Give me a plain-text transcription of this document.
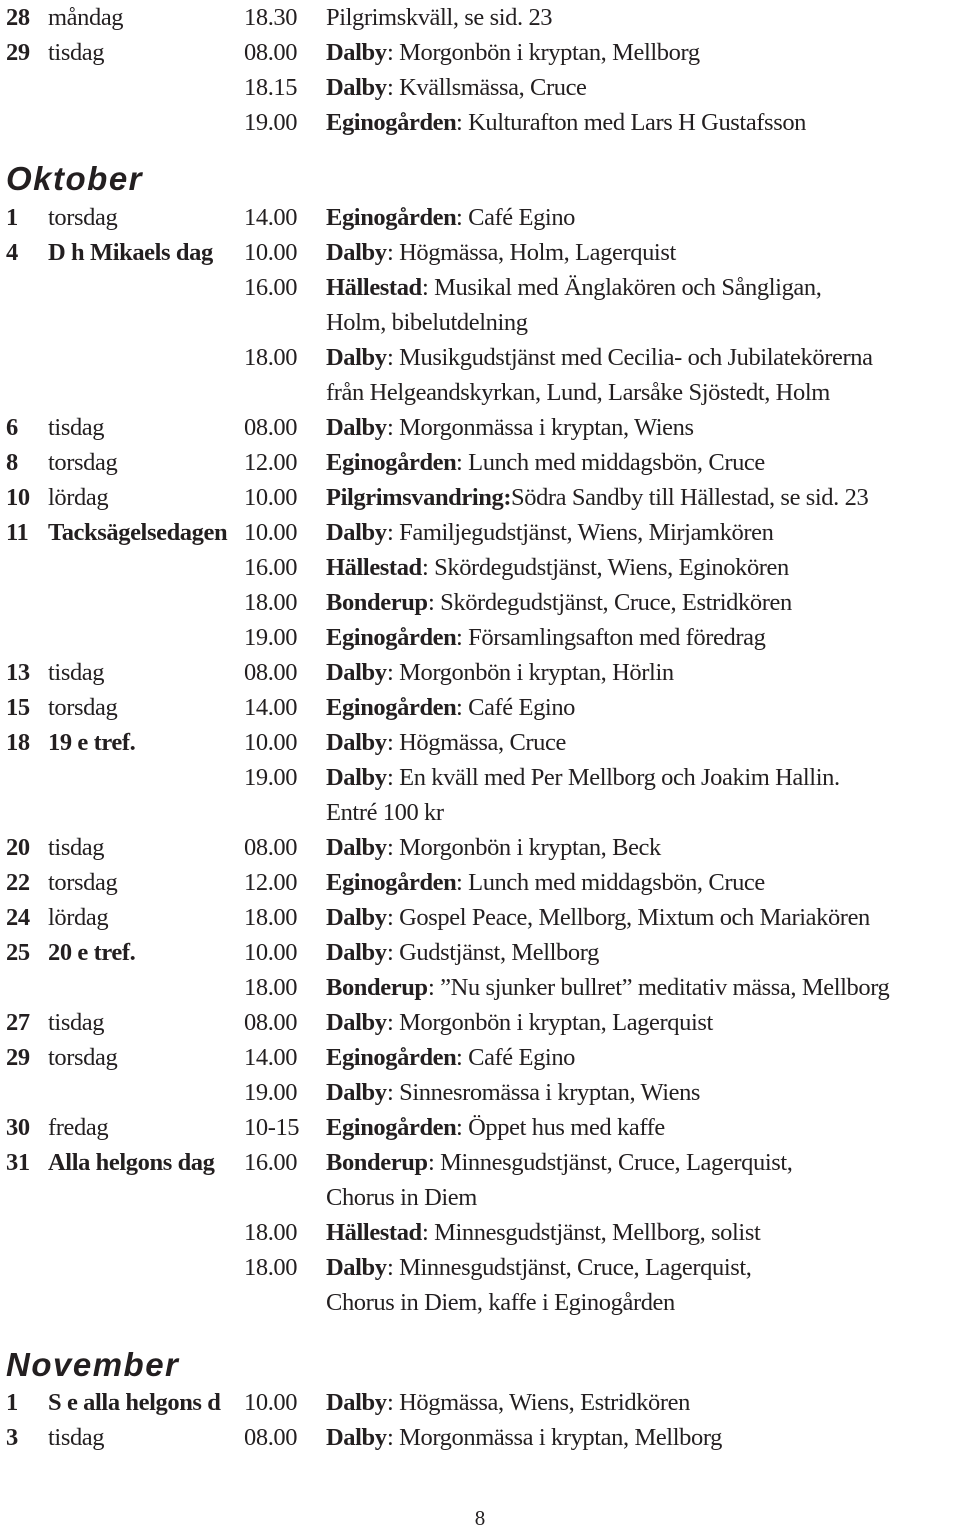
Oktober
November
28 måndag	18.30 Pilgrimskväll, se sid. 23
29 tisdag	08.00 Dalby : Morgonbön i kryptan, Mellborg
18.15 Dalby : Kvällsmässa, Cruce
19.00 Eginogården : Kulturafton med Lars H Gustafsson
1 torsdag	14.00 Eginogården : Café Egino
4 D h Mikaels dag 10.00 Dalby : Högmässa, Holm, Lagerquist
16.00 Hällestad : Musikal med Änglakören och Sångligan,
Holm, bibelutdelning
18.00 Dalby : Musikgudstjänst med Cecilia- och Jubilatekörerna
från Helgeandskyrkan, Lund, Larsåke Sjöstedt, Holm
6 tisdag	08.00 Dalby : Morgonmässa i kryptan, Wiens
8 torsdag	12.00 Eginogården : Lunch med middagsbön, Cruce
10 lördag	10.00 Pilgrimsvandring: Södra Sandby till Hällestad, se sid. 23
11 Tacksägelsedagen 10.00 Dalby : Familjegudstjänst, Wiens, Mirjamkören
16.00 Hällestad : Skördegudstjänst, Wiens, Eginokören
18.00 Bonderup : Skördegudstjänst, Cruce, Estridkören
19.00 Eginogården : Församlingsafton med föredrag
13 tisdag	08.00 Dalby : Morgonbön i kryptan, Hörlin
15 torsdag	14.00 Eginogården : Café Egino
18 19 e tref.	10.00 Dalby : Högmässa, Cruce
19.00 Dalby : En kväll med Per Mellborg och Joakim Hallin.
Entré 100 kr
20 tisdag	08.00 Dalby : Morgonbön i kryptan, Beck
22 torsdag	12.00 Eginogården : Lunch med middagsbön, Cruce
24 lördag	18.00 Dalby : Gospel Peace, Mellborg, Mixtum och Mariakören
25 20 e tref.	10.00 Dalby : Gudstjänst, Mellborg
18.00 Bonderup : ”Nu sjunker bullret” meditativ mässa, Mellborg
27 tisdag	08.00 Dalby : Morgonbön i kryptan, Lagerquist
29 torsdag	14.00 Eginogården : Café Egino
19.00 Dalby : Sinnesromässa i kryptan, Wiens
30 fredag	10-15 Eginogården : Öppet hus med kaffe
31 Alla helgons dag 16.00 Bonderup : Minnesgudstjänst, Cruce, Lagerquist,
Chorus in Diem
18.00 Hällestad : Minnesgudstjänst, Mellborg, solist
18.00 Dalby : Minnesgudstjänst, Cruce, Lagerquist,
Chorus in Diem, kaffe i Eginogården
1 S e alla helgons d 10.00 Dalby : Högmässa, Wiens, Estridkören
3 tisdag	08.00 Dalby : Morgonmässa i kryptan, Mellborg
8
